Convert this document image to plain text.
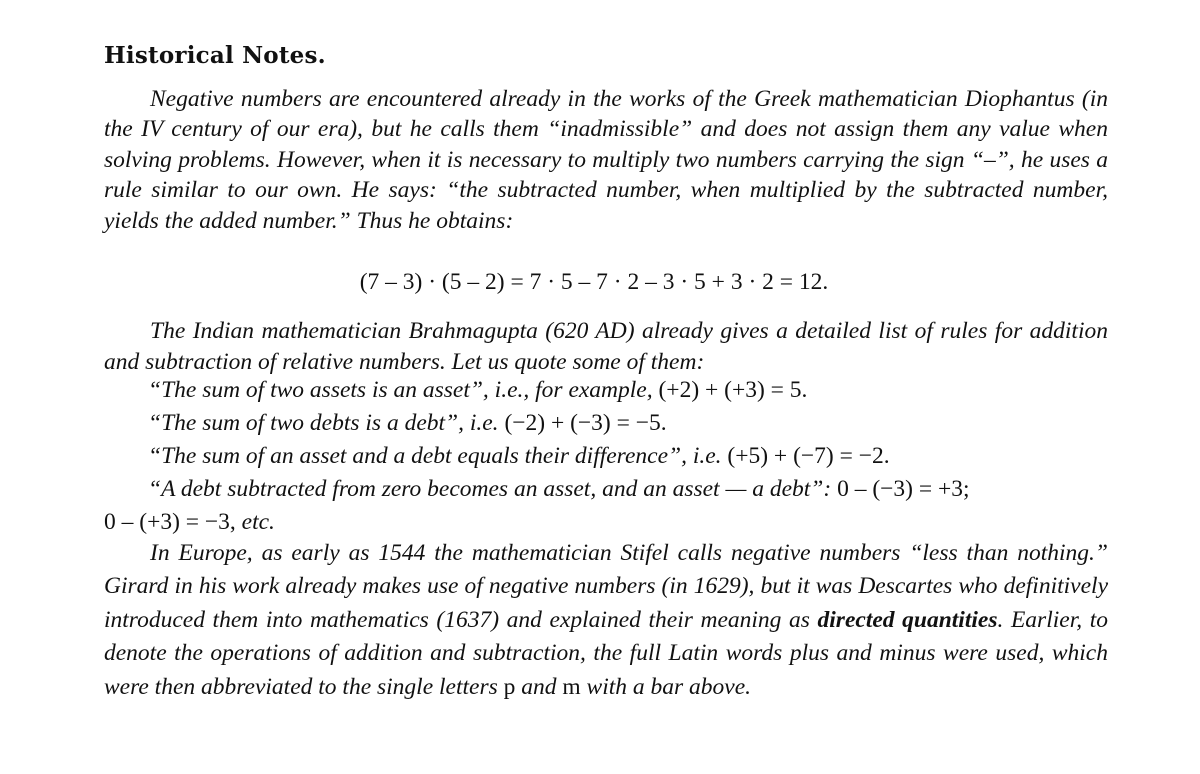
Historical Notes.

Negative numbers are encountered already in the works of the Greek mathematician Diophantus (in the IV century of our era), but he calls them “inadmissible” and does not assign them any value when solving problems. However, when it is necessary to multiply two numbers carrying the sign “–”, he uses a rule similar to our own. He says: “the subtracted number, when multiplied by the subtracted number, yields the added number.” Thus he obtains:

(7 – 3) · (5 – 2) = 7 · 5 – 7 · 2 – 3 · 5 + 3 · 2 = 12.

The Indian mathematician Brahmagupta (620 AD) already gives a detailed list of rules for addition and subtraction of relative numbers. Let us quote some of them:

“The sum of two assets is an asset”, i.e., for example, (+2) + (+3) = 5.

“The sum of two debts is a debt”, i.e. (−2) + (−3) = −5.

“The sum of an asset and a debt equals their difference”, i.e. (+5) + (−7) = −2.

“A debt subtracted from zero becomes an asset, and an asset — a debt”: 0 – (−3) = +3;

0 – (+3) = −3, etc.

In Europe, as early as 1544 the mathematician Stifel calls negative numbers “less than nothing.” Girard in his work already makes use of negative numbers (in 1629), but it was Descartes who definitively introduced them into mathematics (1637) and explained their meaning as directed quantities. Earlier, to denote the operations of addition and subtraction, the full Latin words plus and minus were used, which were then abbreviated to the single letters p and m with a bar above.
